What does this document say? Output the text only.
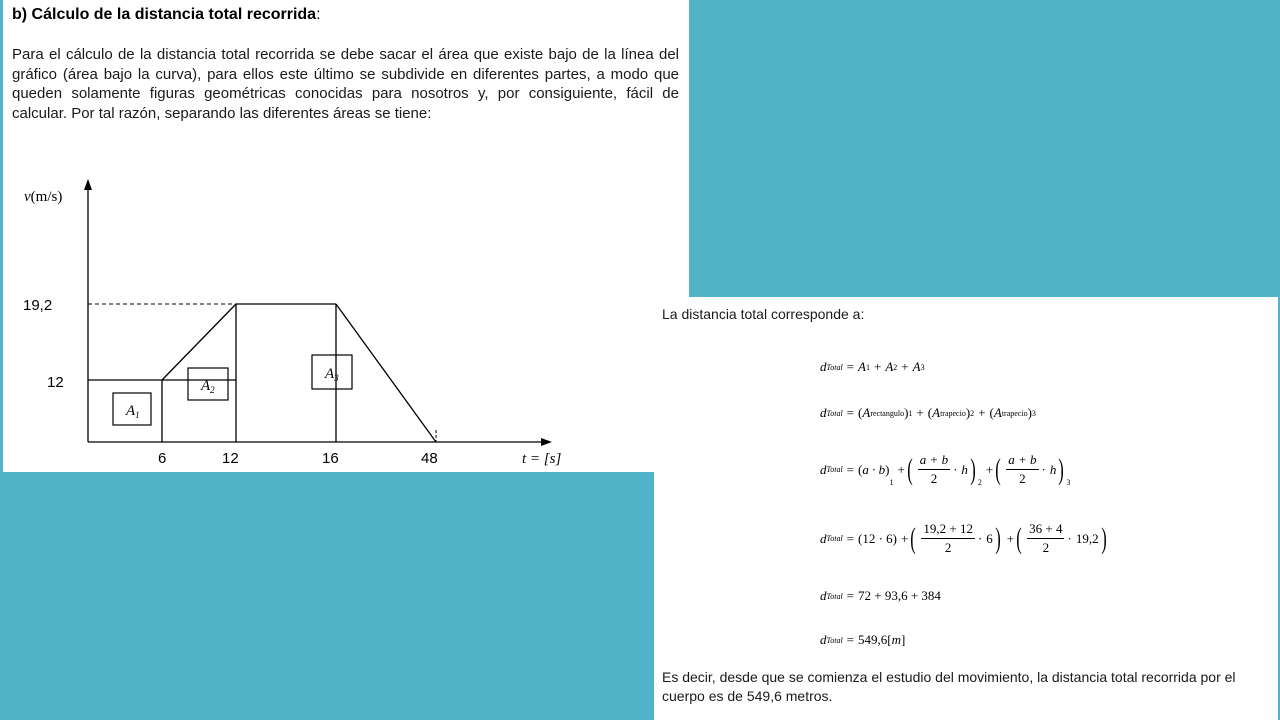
b) Cálculo de la distancia total recorrida:
Para el cálculo de la distancia total recorrida se debe sacar el área que existe bajo de la línea del gráfico (área bajo la curva), para ellos este último se subdivide en diferentes partes, a modo que queden solamente figuras geométricas conocidas para nosotros y, por consiguiente, fácil de calcular. Por tal razón, separando las diferentes áreas se tiene:
$A_1$
$A_2$
$A_3$
v(m/s)
19,2
12
6	12	16	48	t = [s]
La distancia total corresponde a:
d Total = A 1 + A 2 + A 3
d Total =
( A rectangulo ) 1 +
( A trapecio ) 2 +
( A trapecio ) 3
d Total =
( a · b )
1
+ ( $\frac{a + b}{2} \cdot h$ ) 2
+ ( $\frac{a + b}{2} \cdot h$ ) 3
d Total = (12 · 6) + ( $\frac{19,2 + 12}{2} \cdot 6$ ) + ( $\frac{36 + 4}{2} \cdot 19,2$ )
d Total = 72 + 93,6 + 384
d Total = 549,6 [ m ]
Es decir, desde que se comienza el estudio del movimiento, la distancia total recorrida por el cuerpo es de 549,6 metros.
